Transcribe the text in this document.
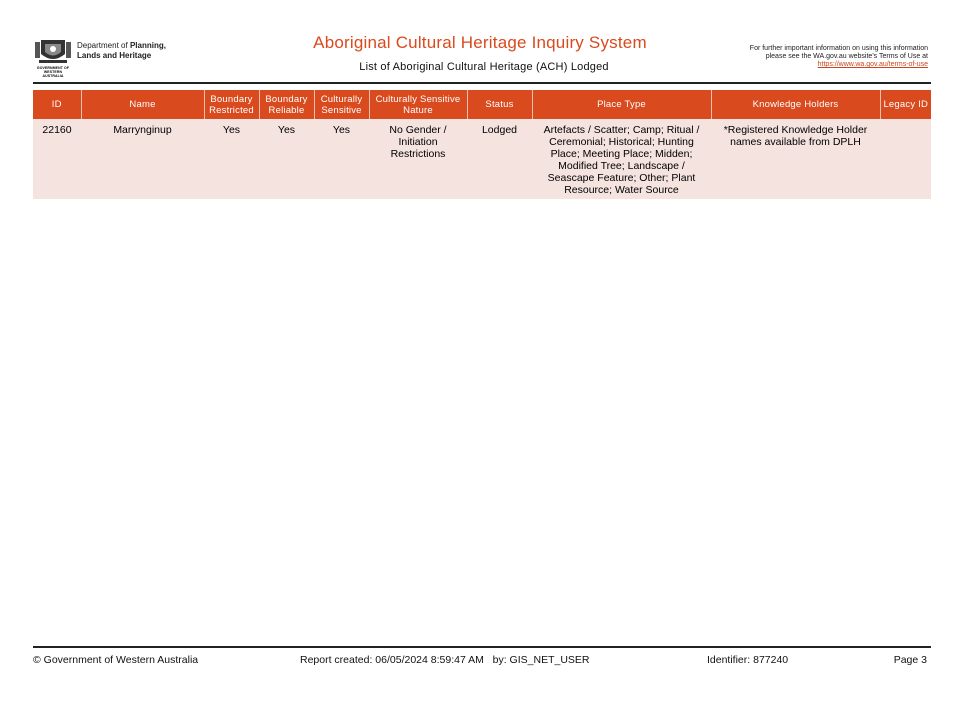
GOVERNMENT OF
WESTERN AUSTRALIA
Department of Planning,
Lands and Heritage
Aboriginal Cultural Heritage Inquiry System
List of Aboriginal Cultural Heritage (ACH) Lodged
For further important information on using this information
please see the WA.gov.au website's Terms of Use at
https://www.wa.gov.au/terms-of-use
ID	Name	Boundary Restricted	Boundary Reliable	Culturally Sensitive	Culturally Sensitive Nature	Status	Place Type	Knowledge Holders	Legacy ID
22160	Marrynginup	Yes	Yes	Yes	No Gender / Initiation Restrictions	Lodged	Artefacts / Scatter; Camp; Ritual / Ceremonial; Historical; Hunting Place; Meeting Place; Midden; Modified Tree; Landscape / Seascape Feature; Other; Plant Resource; Water Source	*Registered Knowledge Holder names available from DPLH	
© Government of Western Australia	Report created: 06/05/2024 8:59:47 AM   by: GIS_NET_USER	Identifier: 877240	Page 3
